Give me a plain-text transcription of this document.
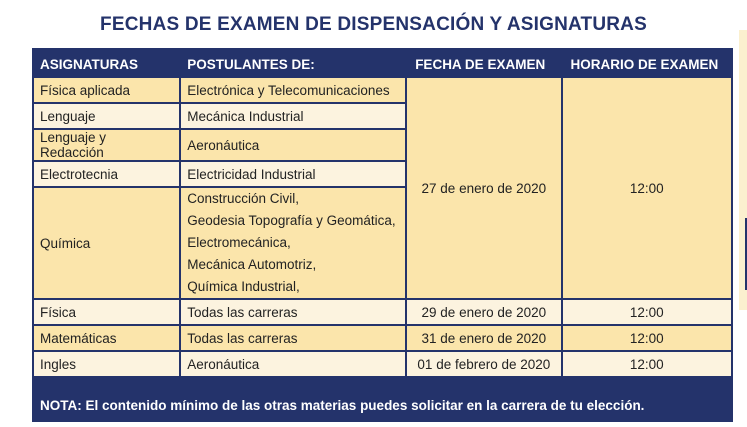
FECHAS DE EXAMEN DE DISPENSACIÓN Y ASIGNATURAS
ASIGNATURAS	POSTULANTES DE:	FECHA DE EXAMEN	HORARIO DE EXAMEN
Física aplicada	Electrónica y Telecomunicaciones	27 de enero de 2020	12:00
Lenguaje	Mecánica Industrial		
Lenguaje y Redacción	Aeronáutica		
Electrotecnia	Electricidad Industrial		
Química	Construcción Civil,
Geodesia Topografía y Geomática,
Electromecánica,
Mecánica Automotriz,
Química Industrial,		

Física	Todas las carreras	29 de enero de 2020	12:00
Matemáticas	Todas las carreras	31 de enero de 2020	12:00
Ingles	Aeronáutica	01 de febrero de 2020	12:00
NOTA: El contenido mínimo de las otras materias puedes solicitar en la carrera de tu elección.
